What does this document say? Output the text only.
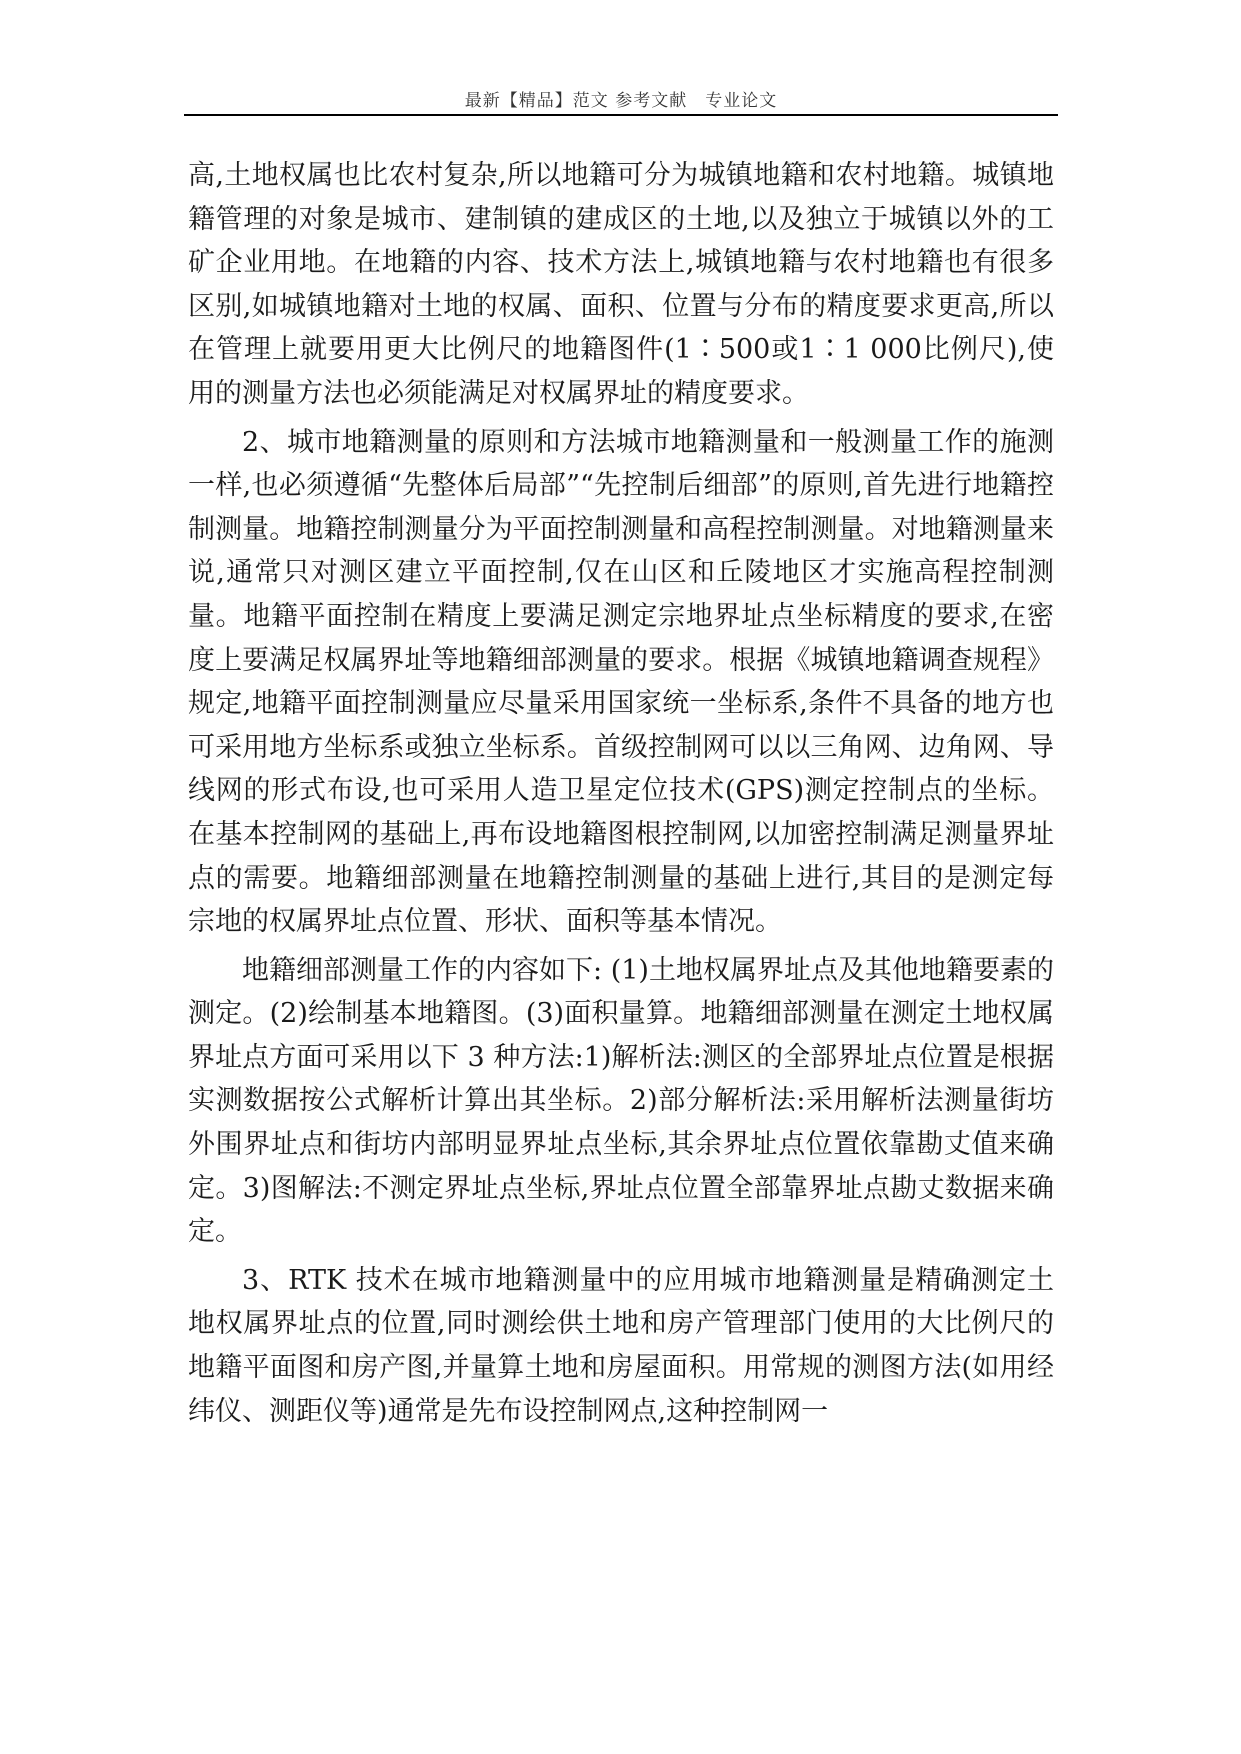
最新【精品】范文 参考文献　专业论文

高,土地权属也比农村复杂,所以地籍可分为城镇地籍和农村地籍。城镇地籍管理的对象是城市、建制镇的建成区的土地,以及独立于城镇以外的工矿企业用地。在地籍的内容、技术方法上,城镇地籍与农村地籍也有很多区别,如城镇地籍对土地的权属、面积、位置与分布的精度要求更高,所以在管理上就要用更大比例尺的地籍图件(1∶500或1∶1 000比例尺),使用的测量方法也必须能满足对权属界址的精度要求。

2、城市地籍测量的原则和方法城市地籍测量和一般测量工作的施测一样,也必须遵循“先整体后局部”“先控制后细部”的原则,首先进行地籍控制测量。地籍控制测量分为平面控制测量和高程控制测量。对地籍测量来说,通常只对测区建立平面控制,仅在山区和丘陵地区才实施高程控制测量。地籍平面控制在精度上要满足测定宗地界址点坐标精度的要求,在密度上要满足权属界址等地籍细部测量的要求。根据《城镇地籍调查规程》规定,地籍平面控制测量应尽量采用国家统一坐标系,条件不具备的地方也可采用地方坐标系或独立坐标系。首级控制网可以以三角网、边角网、导线网的形式布设,也可采用人造卫星定位技术(GPS)测定控制点的坐标。在基本控制网的基础上,再布设地籍图根控制网,以加密控制满足测量界址点的需要。地籍细部测量在地籍控制测量的基础上进行,其目的是测定每宗地的权属界址点位置、形状、面积等基本情况。

地籍细部测量工作的内容如下: (1)土地权属界址点及其他地籍要素的测定。(2)绘制基本地籍图。(3)面积量算。地籍细部测量在测定土地权属界址点方面可采用以下 3 种方法:1)解析法:测区的全部界址点位置是根据实测数据按公式解析计算出其坐标。2)部分解析法:采用解析法测量街坊外围界址点和街坊内部明显界址点坐标,其余界址点位置依靠勘丈值来确定。3)图解法:不测定界址点坐标,界址点位置全部靠界址点勘丈数据来确定。

3、RTK 技术在城市地籍测量中的应用城市地籍测量是精确测定土地权属界址点的位置,同时测绘供土地和房产管理部门使用的大比例尺的地籍平面图和房产图,并量算土地和房屋面积。用常规的测图方法(如用经纬仪、测距仪等)通常是先布设控制网点,这种控制网一
